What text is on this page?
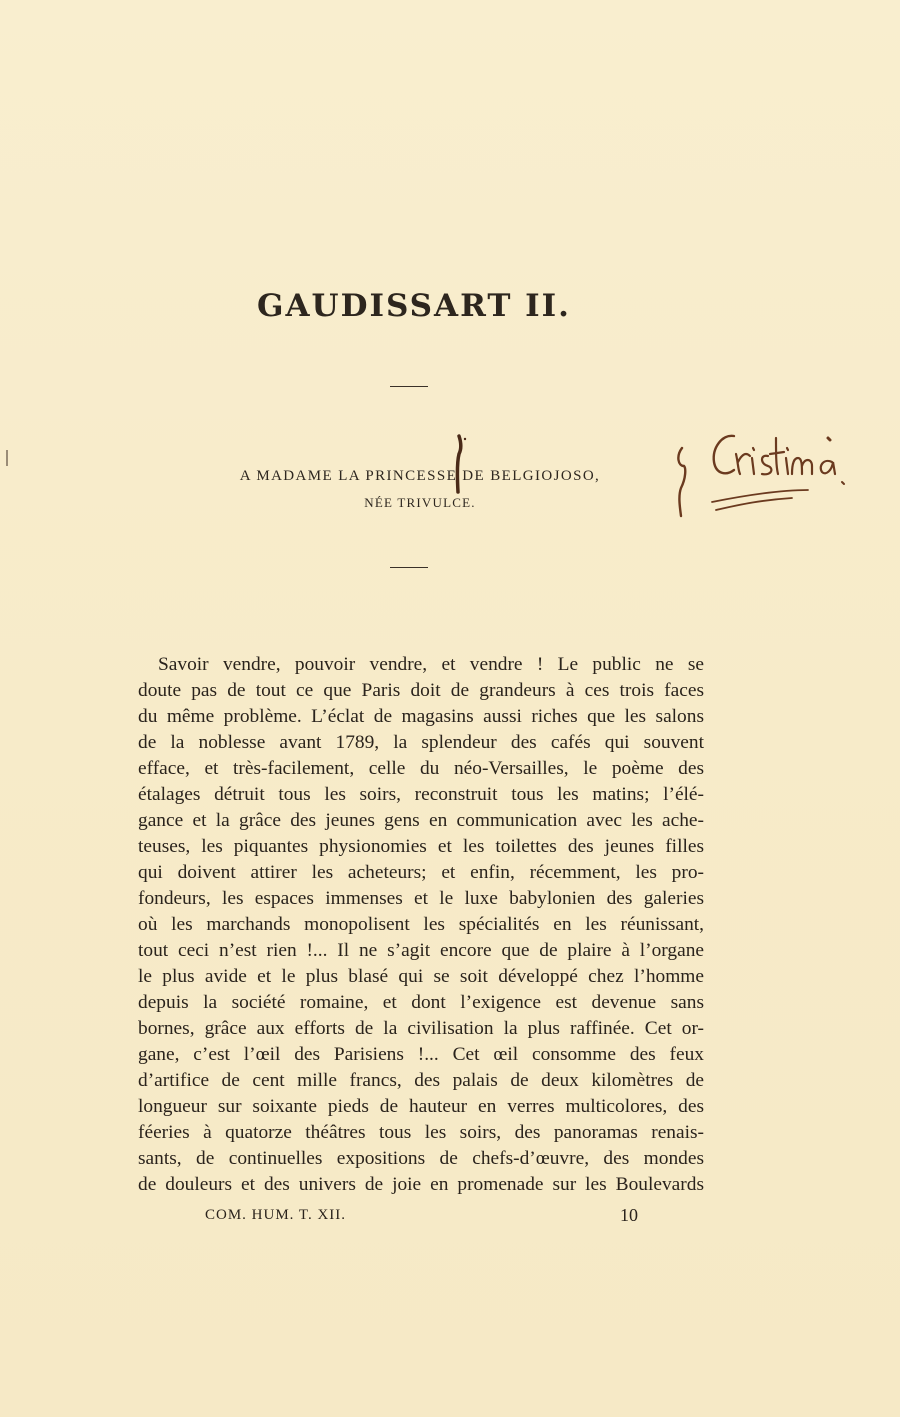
GAUDISSART II.
A MADAME LA PRINCESSE DE BELGIOJOSO,
NÉE TRIVULCE.
Savoir vendre, pouvoir vendre, et vendre ! Le public ne se
doute pas de tout ce que Paris doit de grandeurs à ces trois faces
du même problème. L’éclat de magasins aussi riches que les salons
de la noblesse avant 1789, la splendeur des cafés qui souvent
efface, et très-facilement, celle du néo-Versailles, le poème des
étalages détruit tous les soirs, reconstruit tous les matins; l’élé-
gance et la grâce des jeunes gens en communication avec les ache-
teuses, les piquantes physionomies et les toilettes des jeunes filles
qui doivent attirer les acheteurs; et enfin, récemment, les pro-
fondeurs, les espaces immenses et le luxe babylonien des galeries
où les marchands monopolisent les spécialités en les réunissant,
tout ceci n’est rien !... Il ne s’agit encore que de plaire à l’organe
le plus avide et le plus blasé qui se soit développé chez l’homme
depuis la société romaine, et dont l’exigence est devenue sans
bornes, grâce aux efforts de la civilisation la plus raffinée. Cet or-
gane, c’est l’œil des Parisiens !... Cet œil consomme des feux
d’artifice de cent mille francs, des palais de deux kilomètres de
longueur sur soixante pieds de hauteur en verres multicolores, des
féeries à quatorze théâtres tous les soirs, des panoramas renais-
sants, de continuelles expositions de chefs-d’œuvre, des mondes
de douleurs et des univers de joie en promenade sur les Boulevards
COM. HUM. T. XII.	10
